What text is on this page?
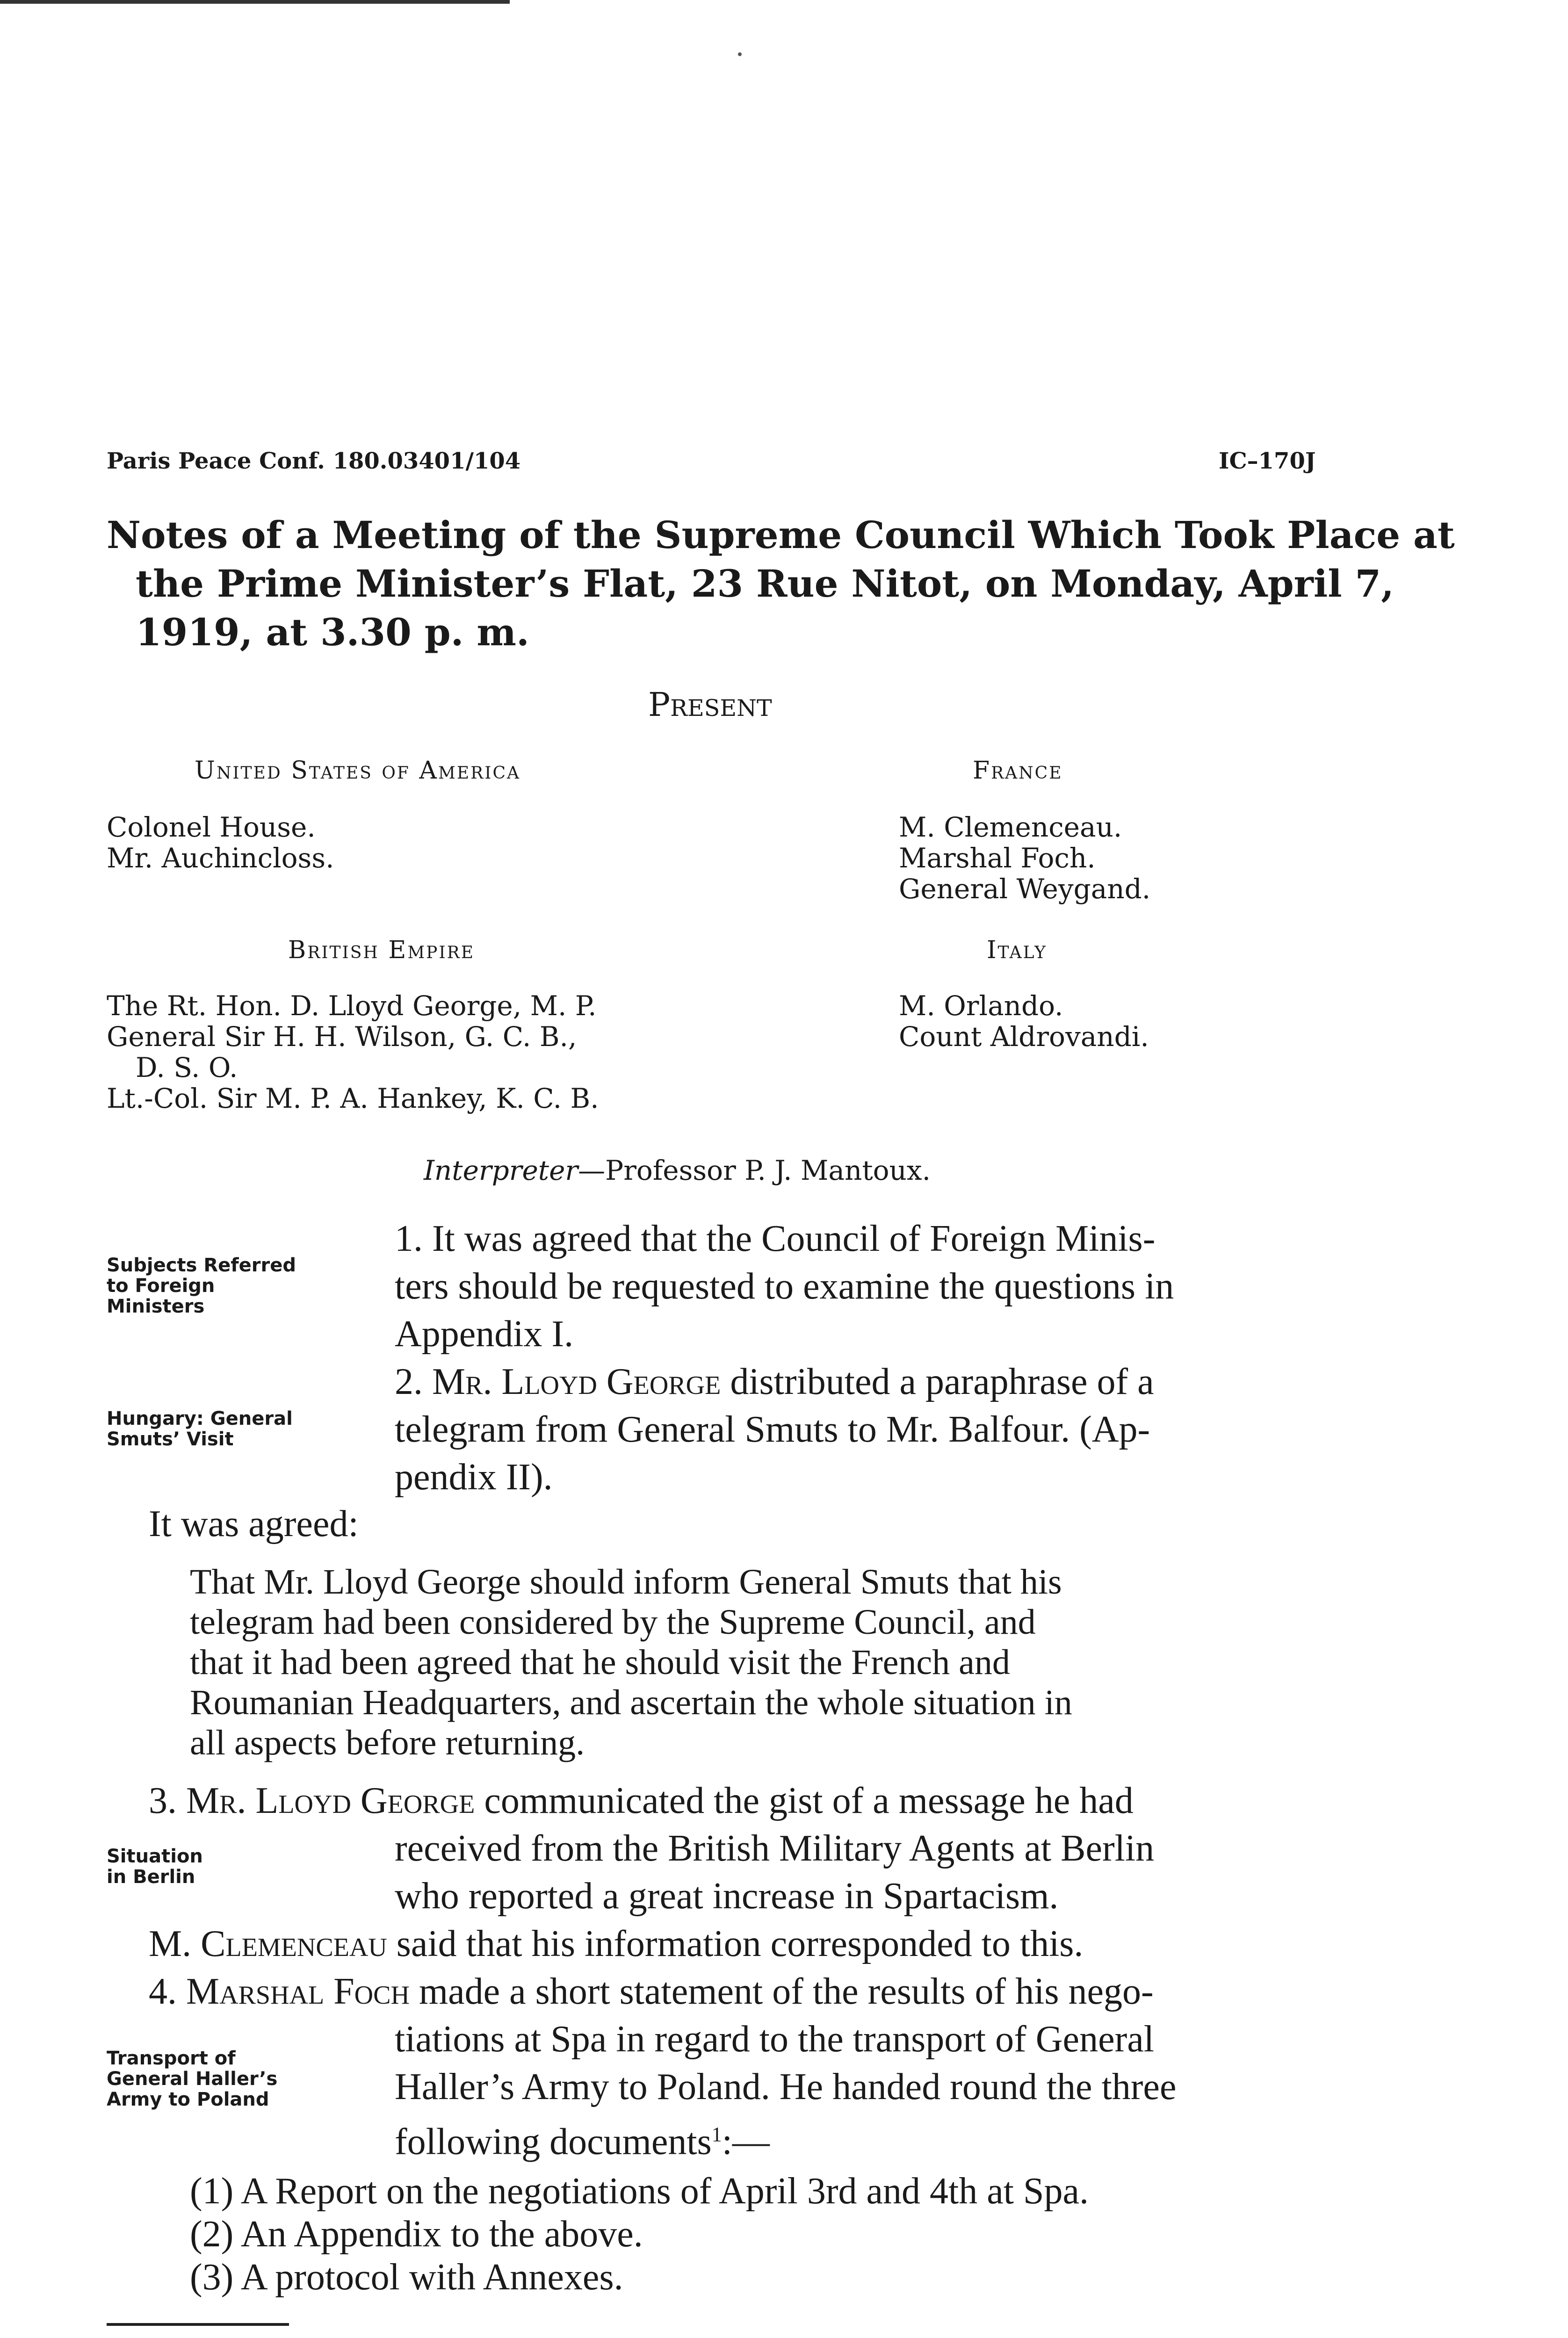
Paris Peace Conf. 180.03401/104	IC–170J
Notes of a Meeting of the Supreme Council Which Took Place at
the Prime Minister’s Flat, 23 Rue Nitot, on Monday, April 7,
1919, at 3.30 p. m.
Present
United States of America
Colonel House.
Mr. Auchincloss.
France
M. Clemenceau.
Marshal Foch.
General Weygand.
British Empire
The Rt. Hon. D. Lloyd George, M. P.
General Sir H. H. Wilson, G. C. B.,
D. S. O.
Lt.-Col. Sir M. P. A. Hankey, K. C. B.
Italy
M. Orlando.
Count Aldrovandi.
Interpreter—Professor P. J. Mantoux.
Subjects Referred
to Foreign
Ministers
1. It was agreed that the Council of Foreign Minis-
ters should be requested to examine the questions in
Appendix I.
Hungary: General
Smuts’ Visit
2. Mr. Lloyd George distributed a paraphrase of a
telegram from General Smuts to Mr. Balfour. (Ap-
pendix II).
It was agreed:
That Mr. Lloyd George should inform General Smuts that his
telegram had been considered by the Supreme Council, and
that it had been agreed that he should visit the French and
Roumanian Headquarters, and ascertain the whole situation in
all aspects before returning.
Situation
in Berlin
3. Mr. Lloyd George communicated the gist of a message he had
received from the British Military Agents at Berlin
who reported a great increase in Spartacism.
M. Clemenceau said that his information corresponded to this.
Transport of
General Haller’s
Army to Poland
4. Marshal Foch made a short statement of the results of his nego-
tiations at Spa in regard to the transport of General
Haller’s Army to Poland. He handed round the three
following documents$^1$:—
(1) A Report on the negotiations of April 3rd and 4th at Spa.
(2) An Appendix to the above.
(3) A protocol with Annexes.
